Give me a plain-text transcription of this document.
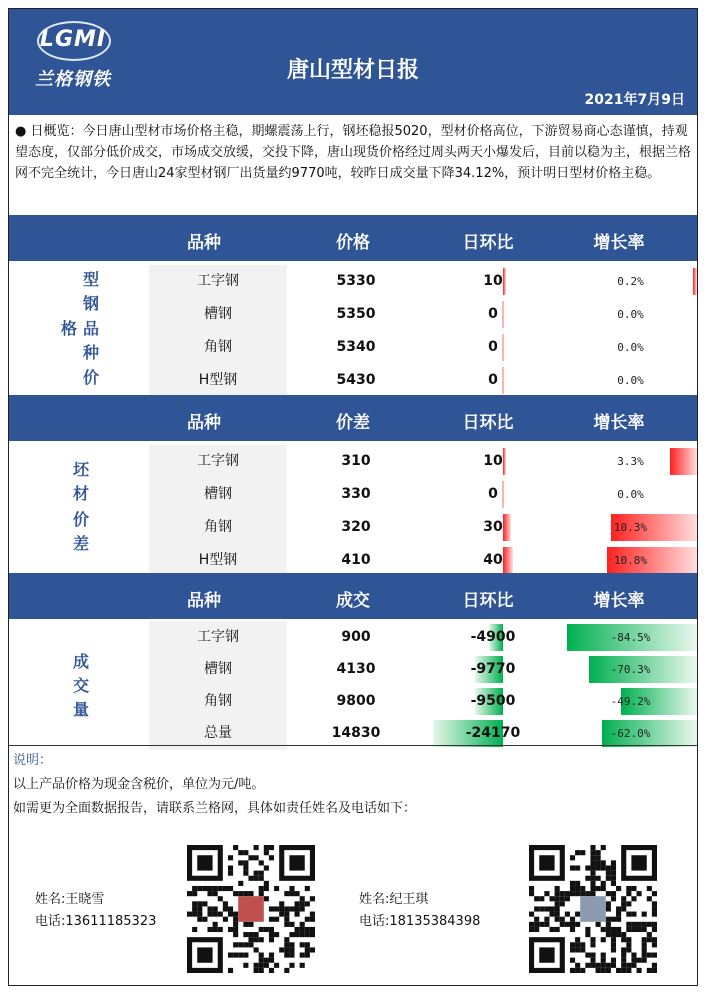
LGMI
兰格钢铁	唐山型材日报
2021年7月9日
● 日概览：今日唐山型材市场价格主稳，期螺震荡上行，钢坯稳报5020，型材价格高位，下游贸易商心态谨慎，持观望态度，仅部分低价成交，市场成交放缓，交投下降，唐山现货价格经过周头两天小爆发后，目前以稳为主，根据兰格网不完全统计，今日唐山24家型材钢厂出货量约9770吨，较昨日成交量下降34.12%，预计明日型材价格主稳。
品种	价格	日环比	增长率
型
钢
格 品
种
价
工字钢	5330	10	0.2%
槽钢	5350	0	0.0%
角钢	5340	0	0.0%
H型钢	5430	0	0.0%
品种	价差	日环比	增长率
坯
材
价
差
工字钢	310	10	3.3%
槽钢	330	0	0.0%
角钢	320	30	10.3%
H型钢	410	40	10.8%
品种	成交	日环比	增长率
成
交
量
工字钢	900	-4900	-84.5%
槽钢	4130	-9770	-70.3%
角钢	9800	-9500	-49.2%
总量	14830	-24170	-62.0%
说明：
以上产品价格为现金含税价，单位为元/吨。
如需更为全面数据报告，请联系兰格网，具体如责任姓名及电话如下：
姓名:王晓雪
电话:13611185323
姓名:纪王琪
电话:18135384398
